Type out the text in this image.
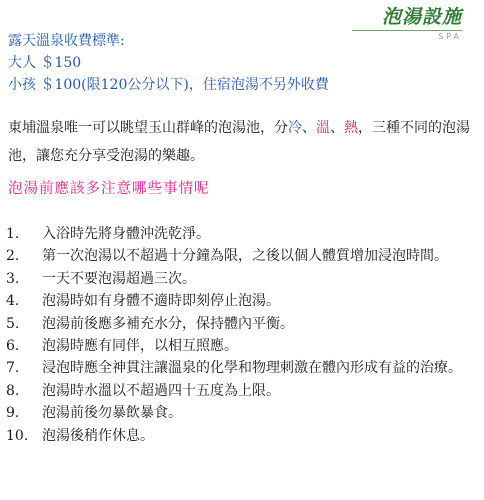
泡湯設施
SPA
露天溫泉收費標準:
大人 ＄150
小孩 ＄100(限120公分以下)，住宿泡湯不另外收費
東埔溫泉唯一可以眺望玉山群峰的泡湯池，分冷、溫、熱，三種不同的泡湯池，讓您充分享受泡湯的樂趣。
泡湯前應該多注意哪些事情呢
1.	入浴時先將身體沖洗乾淨。
2.	第一次泡湯以不超過十分鐘為限，之後以個人體質增加浸泡時間。
3.	一天不要泡湯超過三次。
4.	泡湯時如有身體不適時即刻停止泡湯。
5.	泡湯前後應多補充水分，保持體內平衡。
6.	泡湯時應有同伴，以相互照應。
7.	浸泡時應全神貫注讓溫泉的化學和物理刺激在體內形成有益的治療。
8.	泡湯時水溫以不超過四十五度為上限。
9.	泡湯前後勿暴飲暴食。
10. 泡湯後稍作休息。
